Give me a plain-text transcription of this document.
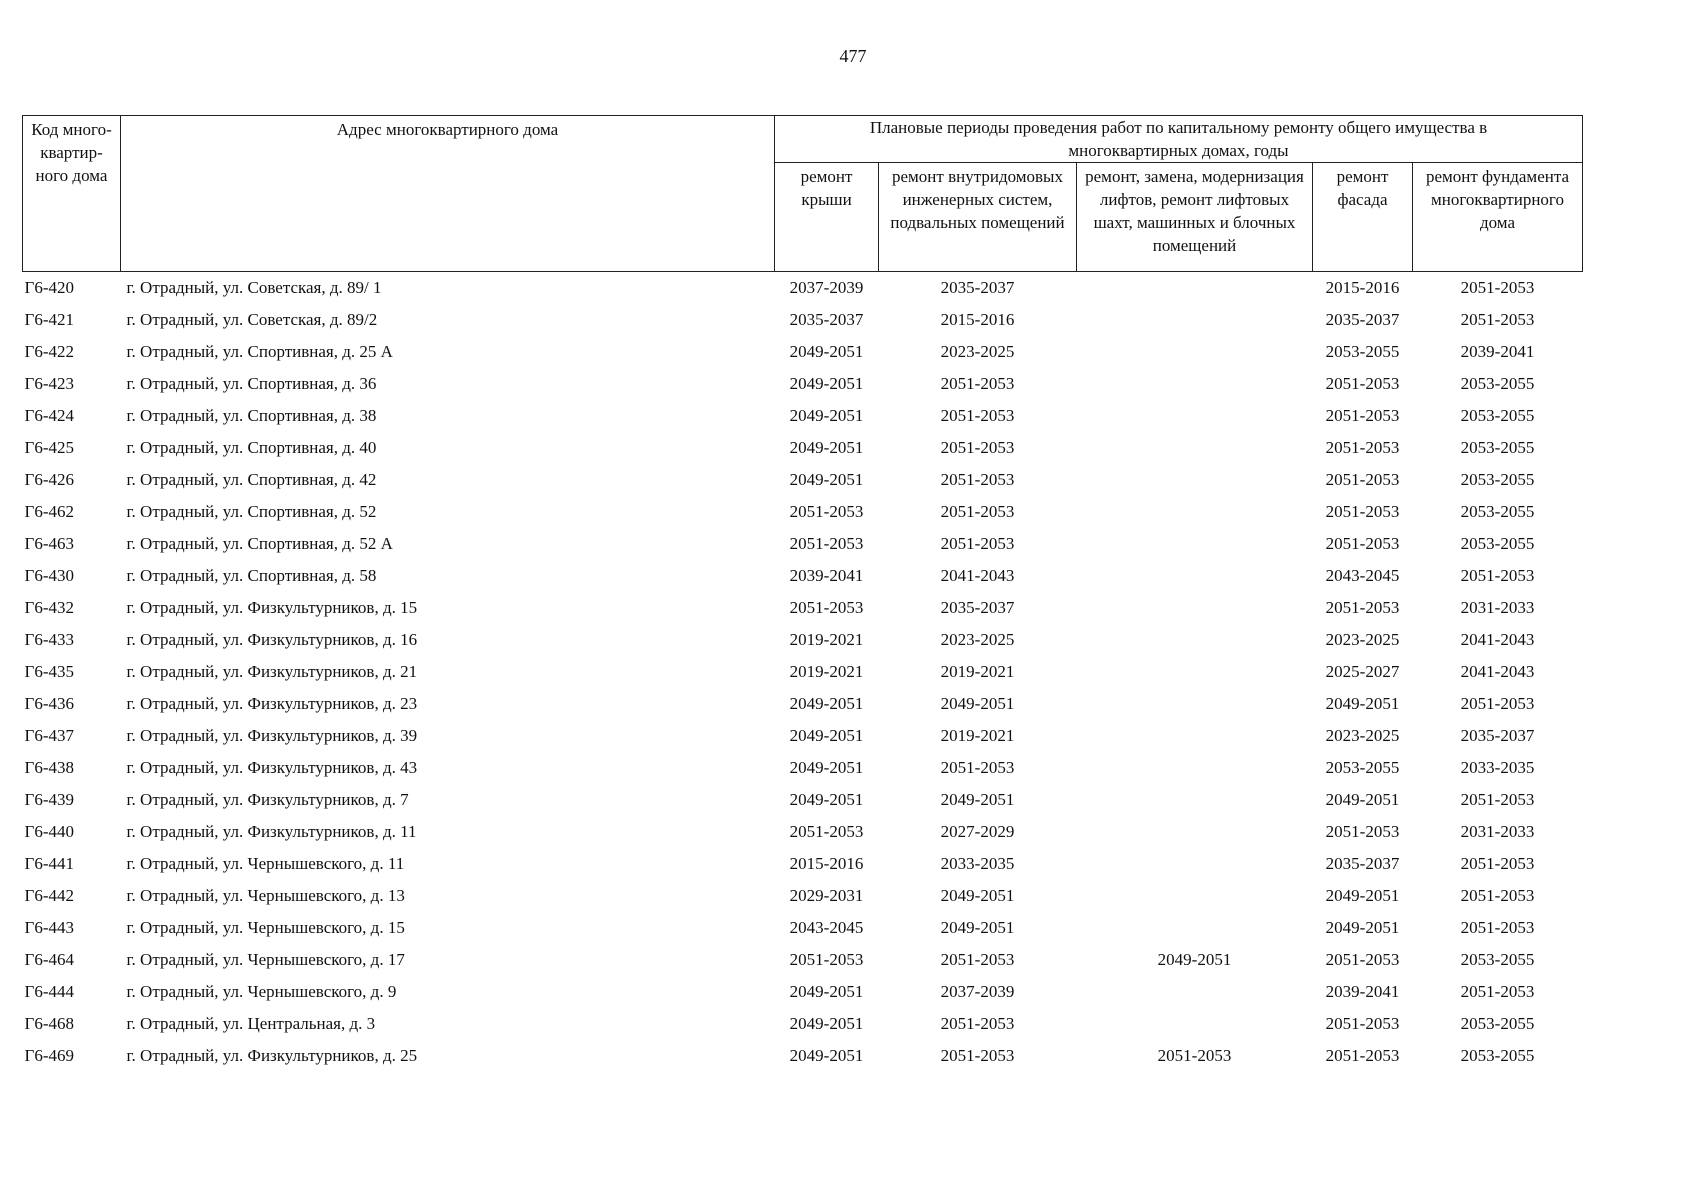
477
Код много-квартир-ного дома	Адрес многоквартирного дома	Плановые периоды проведения работ по капитальному ремонту общего имущества в многоквартирных домах, годы				
		ремонт крыши	ремонт внутридомовых инженерных систем, подвальных помещений	ремонт, замена, модернизация лифтов, ремонт лифтовых шахт, машинных и блочных помещений	ремонт фасада	ремонт фундамента многоквартирного дома
Г6-420	г. Отрадный, ул. Советская, д. 89/ 1	2037-2039	2035-2037		2015-2016	2051-2053
Г6-421	г. Отрадный, ул. Советская, д. 89/2	2035-2037	2015-2016		2035-2037	2051-2053
Г6-422	г. Отрадный, ул. Спортивная, д. 25 А	2049-2051	2023-2025		2053-2055	2039-2041
Г6-423	г. Отрадный, ул. Спортивная, д. 36	2049-2051	2051-2053		2051-2053	2053-2055
Г6-424	г. Отрадный, ул. Спортивная, д. 38	2049-2051	2051-2053		2051-2053	2053-2055
Г6-425	г. Отрадный, ул. Спортивная, д. 40	2049-2051	2051-2053		2051-2053	2053-2055
Г6-426	г. Отрадный, ул. Спортивная, д. 42	2049-2051	2051-2053		2051-2053	2053-2055
Г6-462	г. Отрадный, ул. Спортивная, д. 52	2051-2053	2051-2053		2051-2053	2053-2055
Г6-463	г. Отрадный, ул. Спортивная, д. 52 А	2051-2053	2051-2053		2051-2053	2053-2055
Г6-430	г. Отрадный, ул. Спортивная, д. 58	2039-2041	2041-2043		2043-2045	2051-2053
Г6-432	г. Отрадный, ул. Физкультурников, д. 15	2051-2053	2035-2037		2051-2053	2031-2033
Г6-433	г. Отрадный, ул. Физкультурников, д. 16	2019-2021	2023-2025		2023-2025	2041-2043
Г6-435	г. Отрадный, ул. Физкультурников, д. 21	2019-2021	2019-2021		2025-2027	2041-2043
Г6-436	г. Отрадный, ул. Физкультурников, д. 23	2049-2051	2049-2051		2049-2051	2051-2053
Г6-437	г. Отрадный, ул. Физкультурников, д. 39	2049-2051	2019-2021		2023-2025	2035-2037
Г6-438	г. Отрадный, ул. Физкультурников, д. 43	2049-2051	2051-2053		2053-2055	2033-2035
Г6-439	г. Отрадный, ул. Физкультурников, д. 7	2049-2051	2049-2051		2049-2051	2051-2053
Г6-440	г. Отрадный, ул. Физкультурников, д. 11	2051-2053	2027-2029		2051-2053	2031-2033
Г6-441	г. Отрадный, ул. Чернышевского, д. 11	2015-2016	2033-2035		2035-2037	2051-2053
Г6-442	г. Отрадный, ул. Чернышевского, д. 13	2029-2031	2049-2051		2049-2051	2051-2053
Г6-443	г. Отрадный, ул. Чернышевского, д. 15	2043-2045	2049-2051		2049-2051	2051-2053
Г6-464	г. Отрадный, ул. Чернышевского, д. 17	2051-2053	2051-2053	2049-2051	2051-2053	2053-2055
Г6-444	г. Отрадный, ул. Чернышевского, д. 9	2049-2051	2037-2039		2039-2041	2051-2053
Г6-468	г. Отрадный, ул. Центральная, д. 3	2049-2051	2051-2053		2051-2053	2053-2055
Г6-469	г. Отрадный, ул. Физкультурников, д. 25	2049-2051	2051-2053	2051-2053	2051-2053	2053-2055
